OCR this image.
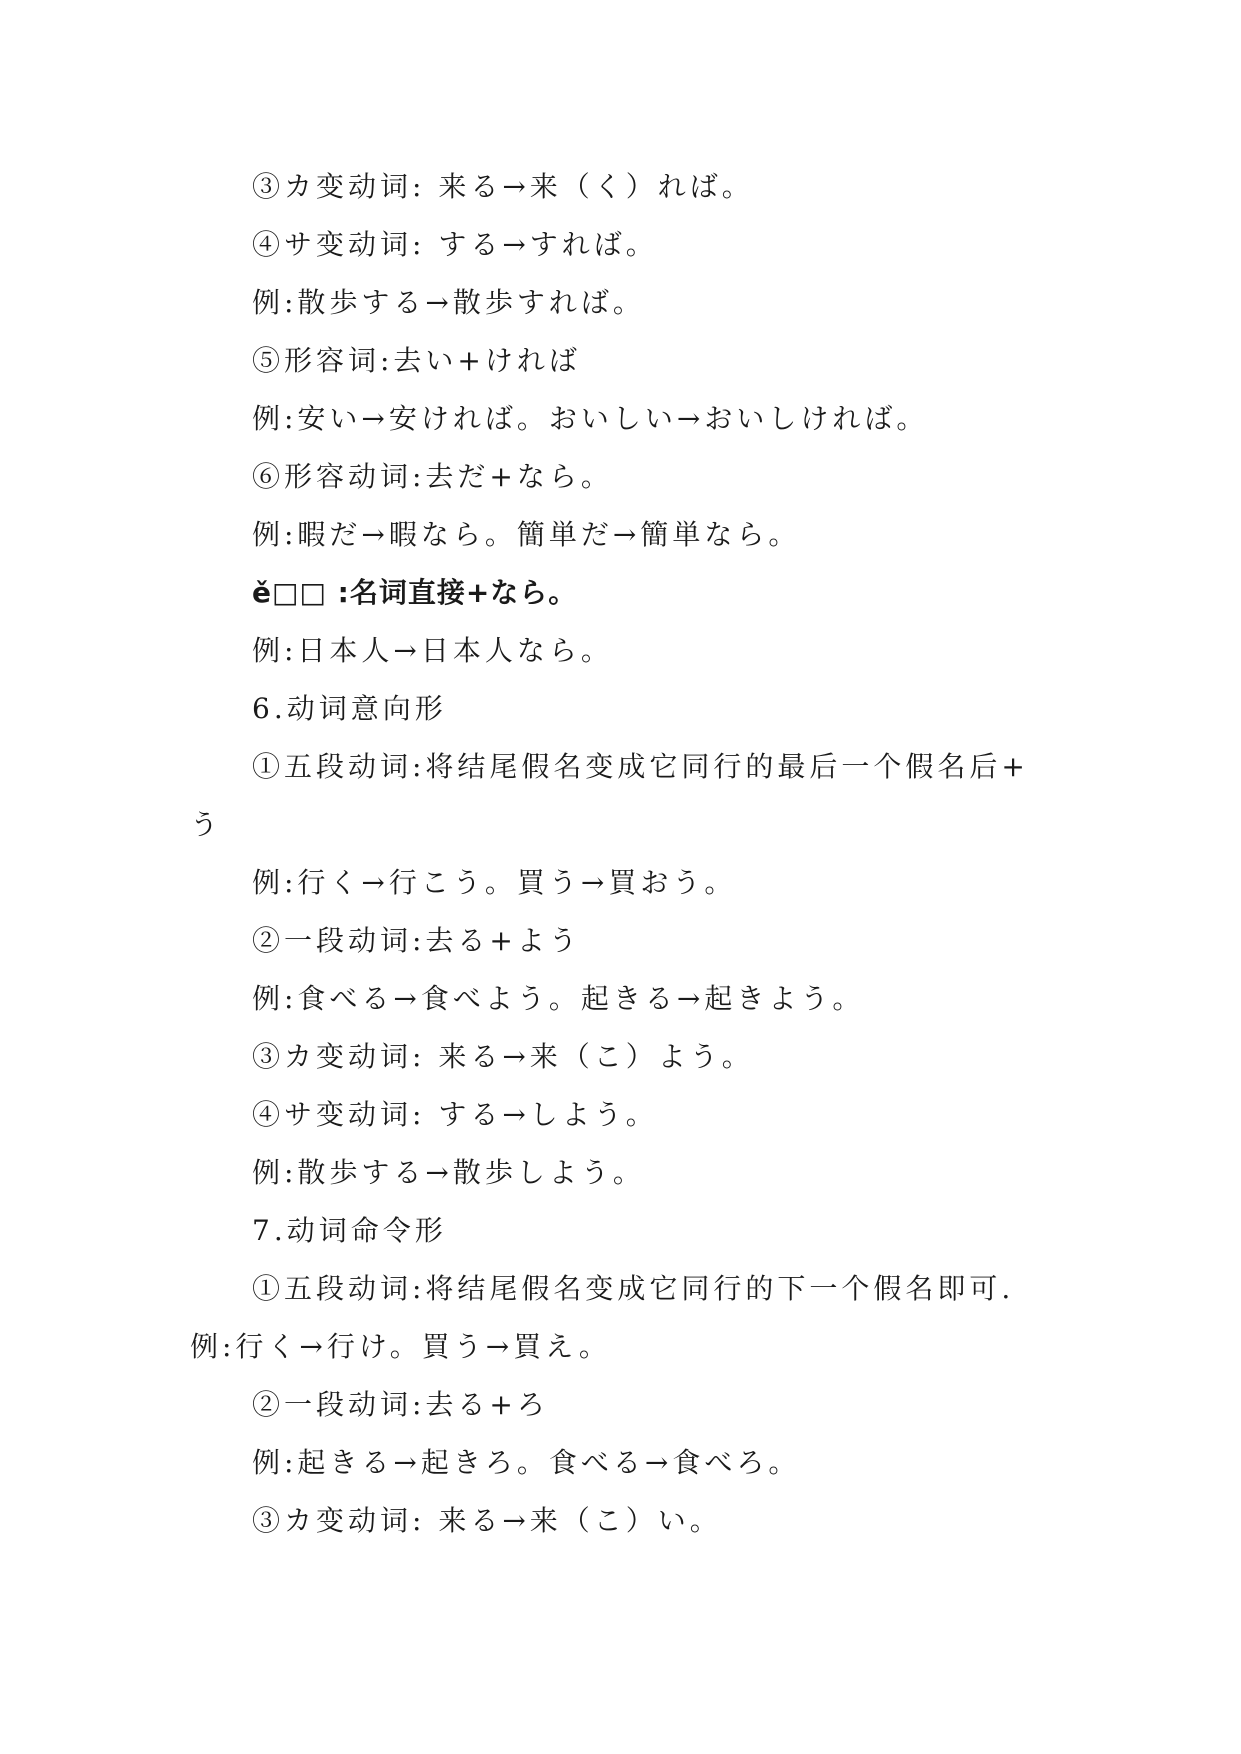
③カ变动词: 来る→来（く）れば。
④サ变动词: する→すれば。
例:散歩する→散歩すれば。
⑤形容词:去い+ければ
例:安い→安ければ。おいしい→おいしければ。
⑥形容动词:去だ+なら。
例:暇だ→暇なら。簡単だ→簡単なら。
ě□□ :名词直接+なら。
例:日本人→日本人なら。
6.动词意向形
①五段动词:将结尾假名变成它同行的最后一个假名后+
う
例:行く→行こう。買う→買おう。
②一段动词:去る+よう
例:食べる→食べよう。起きる→起きよう。
③カ变动词: 来る→来（こ）よう。
④サ变动词: する→しよう。
例:散歩する→散歩しよう。
7.动词命令形
①五段动词:将结尾假名变成它同行的下一个假名即可.
例:行く→行け。買う→買え。
②一段动词:去る+ろ
例:起きる→起きろ。食べる→食べろ。
③カ变动词: 来る→来（こ）い。
